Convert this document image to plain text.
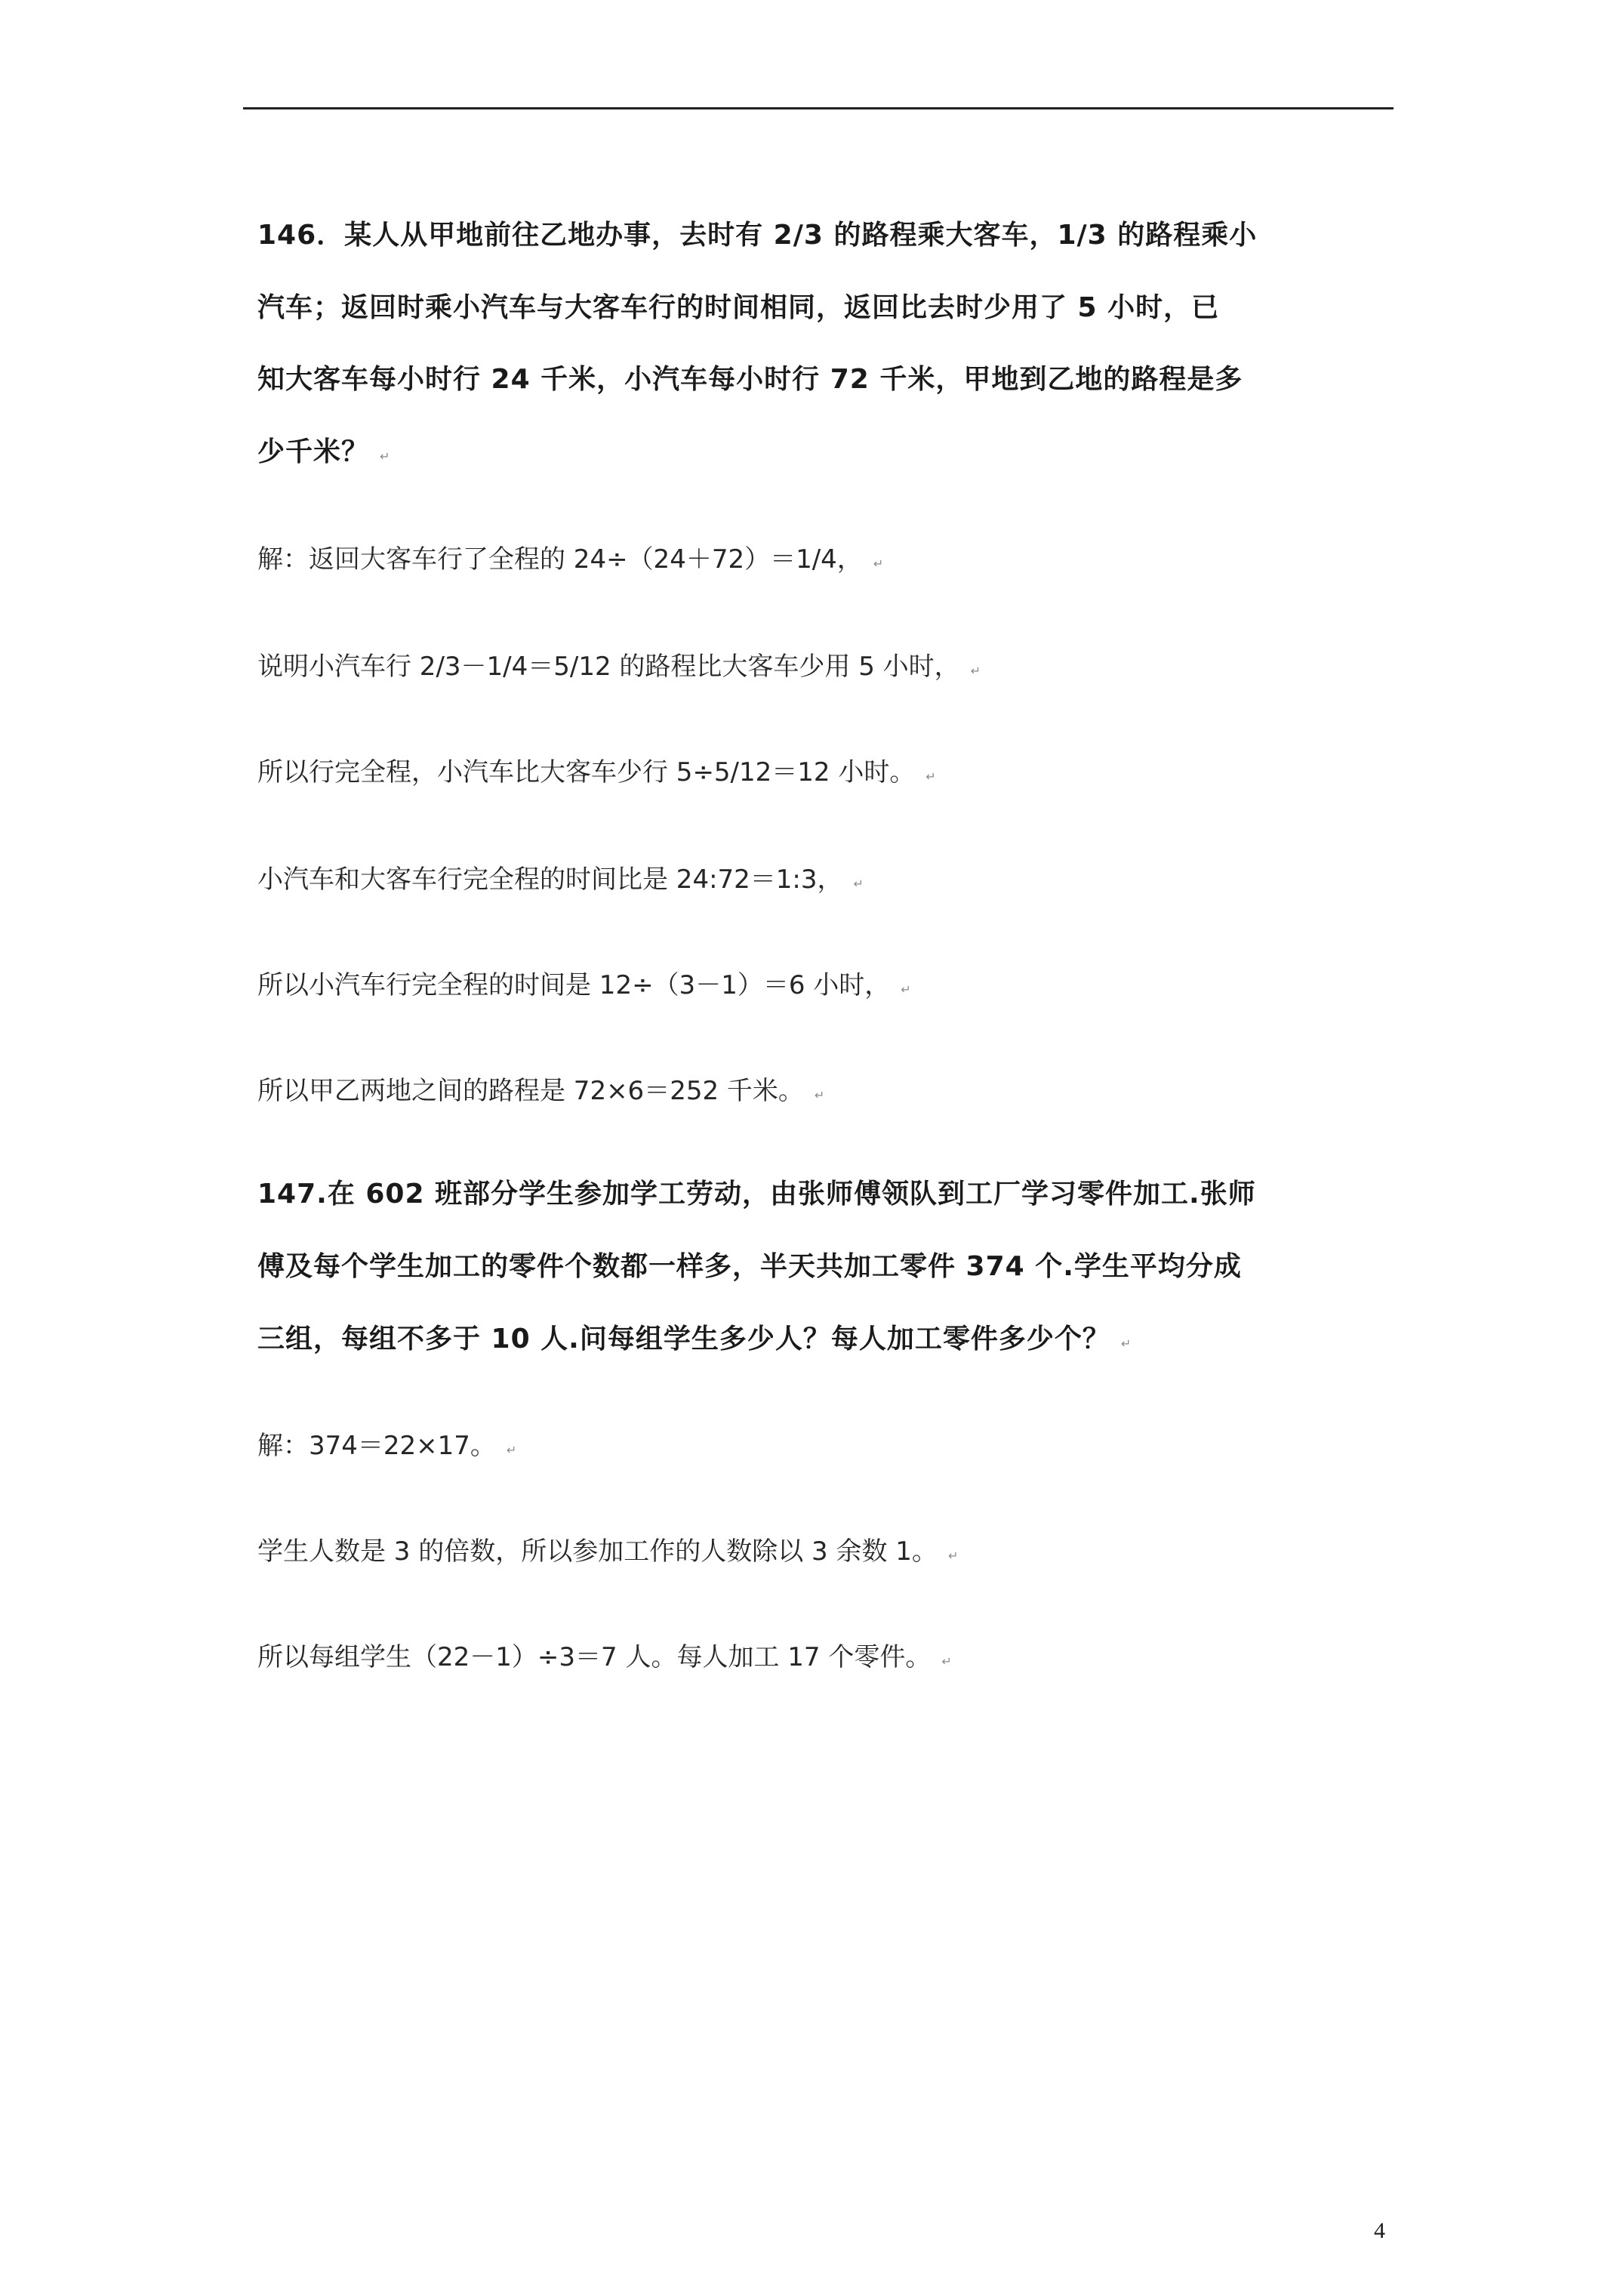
146．某人从甲地前往乙地办事，去时有 2/3 的路程乘大客车，1/3 的路程乘小
汽车；返回时乘小汽车与大客车行的时间相同，返回比去时少用了 5 小时，已
知大客车每小时行 24 千米，小汽车每小时行 72 千米，甲地到乙地的路程是多
少千米？ ↵
解：返回大客车行了全程的 24÷（24＋72）＝1/4， ↵
说明小汽车行 2/3－1/4＝5/12 的路程比大客车少用 5 小时， ↵
所以行完全程，小汽车比大客车少行 5÷5/12＝12 小时。 ↵
小汽车和大客车行完全程的时间比是 24:72＝1:3， ↵
所以小汽车行完全程的时间是 12÷（3－1）＝6 小时， ↵
所以甲乙两地之间的路程是 72×6＝252 千米。 ↵
147.在 602 班部分学生参加学工劳动，由张师傅领队到工厂学习零件加工.张师
傅及每个学生加工的零件个数都一样多，半天共加工零件 374 个.学生平均分成
三组，每组不多于 10 人.问每组学生多少人？每人加工零件多少个？ ↵
解：374＝22×17。 ↵
学生人数是 3 的倍数，所以参加工作的人数除以 3 余数 1。 ↵
所以每组学生（22－1）÷3＝7 人。每人加工 17 个零件。 ↵
4
